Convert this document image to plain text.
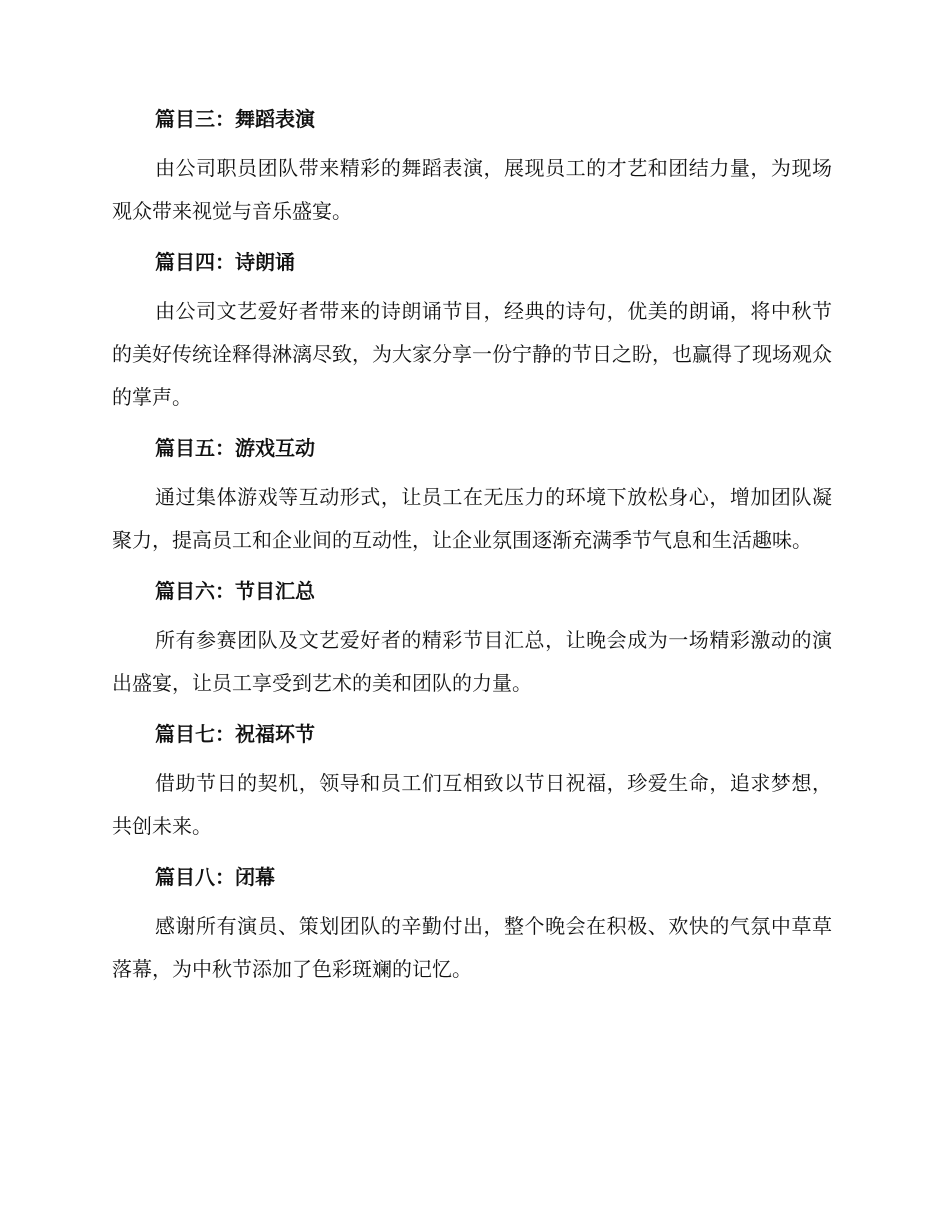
篇目三：舞蹈表演

由公司职员团队带来精彩的舞蹈表演，展现员工的才艺和团结力量，为现场观众带来视觉与音乐盛宴。

篇目四：诗朗诵

由公司文艺爱好者带来的诗朗诵节目，经典的诗句，优美的朗诵，将中秋节的美好传统诠释得淋漓尽致，为大家分享一份宁静的节日之盼，也赢得了现场观众的掌声。

篇目五：游戏互动

通过集体游戏等互动形式，让员工在无压力的环境下放松身心，增加团队凝聚力，提高员工和企业间的互动性，让企业氛围逐渐充满季节气息和生活趣味。

篇目六：节目汇总

所有参赛团队及文艺爱好者的精彩节目汇总，让晚会成为一场精彩激动的演出盛宴，让员工享受到艺术的美和团队的力量。

篇目七：祝福环节

借助节日的契机，领导和员工们互相致以节日祝福，珍爱生命，追求梦想，共创未来。

篇目八：闭幕

感谢所有演员、策划团队的辛勤付出，整个晚会在积极、欢快的气氛中草草落幕，为中秋节添加了色彩斑斓的记忆。
